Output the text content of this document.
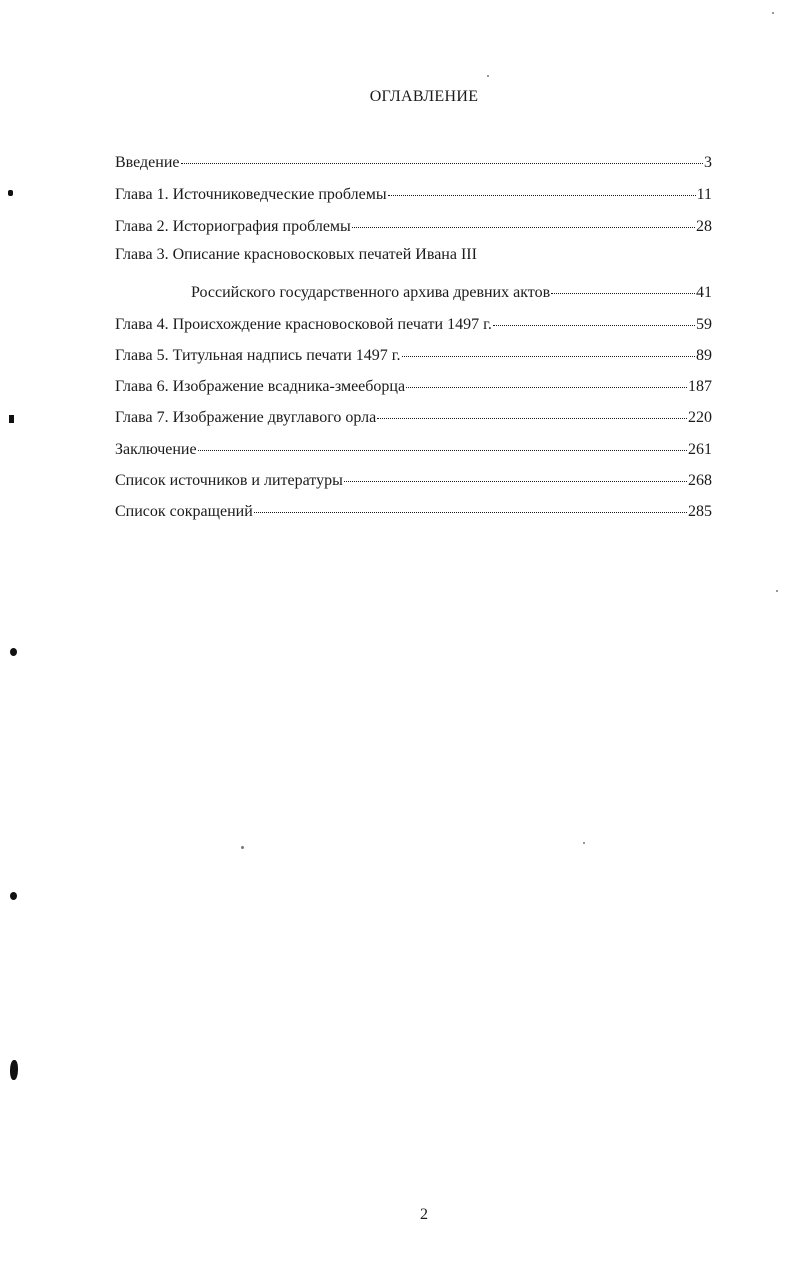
ОГЛАВЛЕНИЕ
Введение	3
Глава 1. Источниковедческие проблемы	11
Глава 2. Историография проблемы	28
Глава 3. Описание красновосковых печатей Ивана III
Российского государственного архива древних актов	41
Глава 4. Происхождение красновосковой печати 1497 г.	59
Глава 5. Титульная надпись печати 1497 г.	89
Глава 6. Изображение всадника-змееборца	187
Глава 7. Изображение двуглавого орла	220
Заключение	261
Список источников и литературы	268
Список сокращений	285
2
